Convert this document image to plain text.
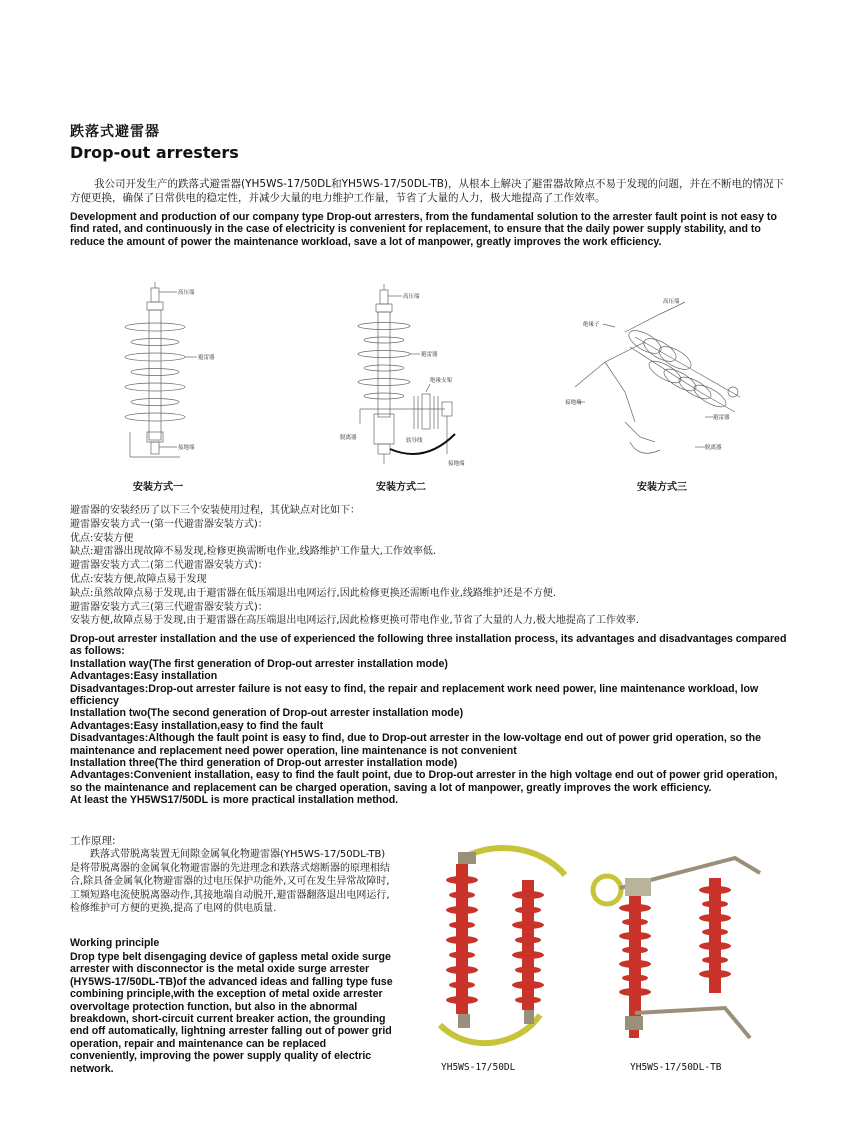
跌落式避雷器
Drop-out arresters
我公司开发生产的跌落式避雷器(YH5WS-17/50DL和YH5WS-17/50DL-TB)，从根本上解决了避雷器故障点不易于发现的问题，并在不断电的情况下方便更换，确保了日常供电的稳定性，并减少大量的电力维护工作量，节省了大量的人力，极大地提高了工作效率。
Development and production of our company type Drop-out arresters, from the fundamental solution to the arrester fault point is not easy to find rated, and continuously in the case of electricity is convenient for replacement, to ensure that the daily power supply stability, and to reduce the amount of power the maintenance workload, save a lot of manpower, greatly improves the work efficiency.
高压端
避雷器
接地端
安装方式一
高压端
避雷器
绝缘支架
脱离器	软导线
接地端
安装方式二
高压端
绝缘子
接地端
避雷器
脱离器
安装方式三
避雷器的安装经历了以下三个安装使用过程，其优缺点对比如下：
避雷器安装方式一(第一代避雷器安装方式)：
优点:安装方便
缺点:避雷器出现故障不易发现,检修更换需断电作业,线路维护工作量大,工作效率低.
避雷器安装方式二(第二代避雷器安装方式)：
优点:安装方便,故障点易于发现
缺点:虽然故障点易于发现,由于避雷器在低压端退出电网运行,因此检修更换还需断电作业,线路维护还是不方便.
避雷器安装方式三(第三代避雷器安装方式)：
安装方便,故障点易于发现,由于避雷器在高压端退出电网运行,因此检修更换可带电作业,节省了大量的人力,极大地提高了工作效率.
Drop-out arrester installation and the use of experienced the following three installation process, its advantages and disadvantages compared as follows:
Installation way(The first generation of Drop-out arrester installation mode)
Advantages:Easy installation
Disadvantages:Drop-out arrester failure is not easy to find, the repair and replacement work need power, line maintenance workload, low efficiency
Installation two(The second generation of Drop-out arrester installation mode)
Advantages:Easy installation,easy to find the fault
Disadvantages:Although the fault point is easy to find, due to Drop-out arrester in the low-voltage end out of power grid operation, so the maintenance and replacement need power operation, line maintenance is not convenient
Installation three(The third generation of Drop-out arrester installation mode)
Advantages:Convenient installation, easy to find the fault point, due to Drop-out arrester in the high voltage end out of power grid operation, so the maintenance and replacement can be charged operation, saving a lot of manpower, greatly improves the work efficiency.
At least the YH5WS17/50DL is more practical installation method.
工作原理:
跌落式带脱离装置无间隙金属氧化物避雷器(YH5WS-17/50DL-TB)是将带脱离器的金属氧化物避雷器的先进理念和跌落式熔断器的原理相结合,除具备金属氧化物避雷器的过电压保护功能外,又可在发生异常故障时,工频短路电流使脱离器动作,其接地端自动脱开,避雷器翻落退出电网运行,检修维护可方便的更换,提高了电网的供电质量.
Working principle
Drop type belt disengaging device of gapless metal oxide surge arrester with disconnector is the metal oxide surge arrester (HY5WS-17/50DL-TB)of the advanced ideas and falling type fuse combining principle,with the exception of metal oxide arrester overvoltage protection function, but also in the abnormal breakdown, short-circuit current breaker action, the grounding end off automatically, lightning arrester falling out of power grid operation, repair and maintenance can be replaced conveniently, improving the power supply quality of electric network.	YH5WS-17/50DL	YH5WS-17/50DL-TB
